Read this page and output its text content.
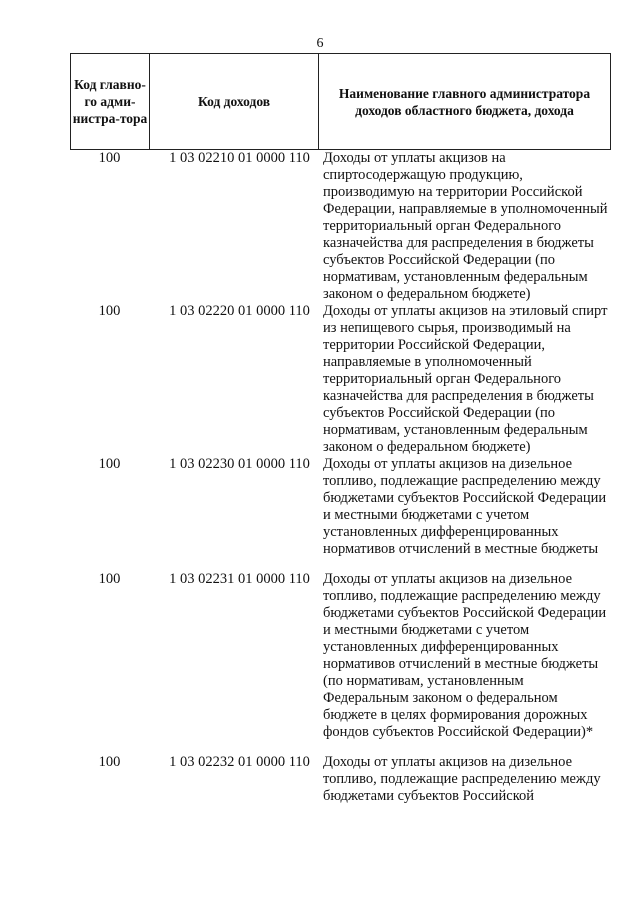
6
Код главно-го адми-нистра-тора	Код доходов	Наименование главного администратора доходов областного бюджета, дохода
100	1 03 02210 01 0000 110	Доходы от уплаты акцизов на спиртосодержащую продукцию, производимую на территории Российской Федерации, направляемые в уполномоченный территориальный орган Федерального казначейства для распределения в бюджеты субъектов Российской Федерации (по нормативам, установленным федеральным законом о федеральном бюджете)
100	1 03 02220 01 0000 110	Доходы от уплаты акцизов на этиловый спирт из непищевого сырья, производимый на территории Российской Федерации, направляемые в уполномоченный территориальный орган Федерального казначейства для распределения в бюджеты субъектов Российской Федерации (по нормативам, установленным федеральным законом о федеральном бюджете)
100	1 03 02230 01 0000 110	Доходы от уплаты акцизов на дизельное топливо, подлежащие распределению между бюджетами субъектов Российской Федерации и местными бюджетами с учетом установленных дифференцированных нормативов отчислений в местные бюджеты
100	1 03 02231 01 0000 110	Доходы от уплаты акцизов на дизельное топливо, подлежащие распределению между бюджетами субъектов Российской Федерации и местными бюджетами с учетом установленных дифференцированных нормативов отчислений в местные бюджеты (по нормативам, установленным Федеральным законом о федеральном бюджете в целях формирования дорожных фондов субъектов Российской Федерации)*
100	1 03 02232 01 0000 110	Доходы от уплаты акцизов на дизельное топливо, подлежащие распределению между бюджетами субъектов Российской
